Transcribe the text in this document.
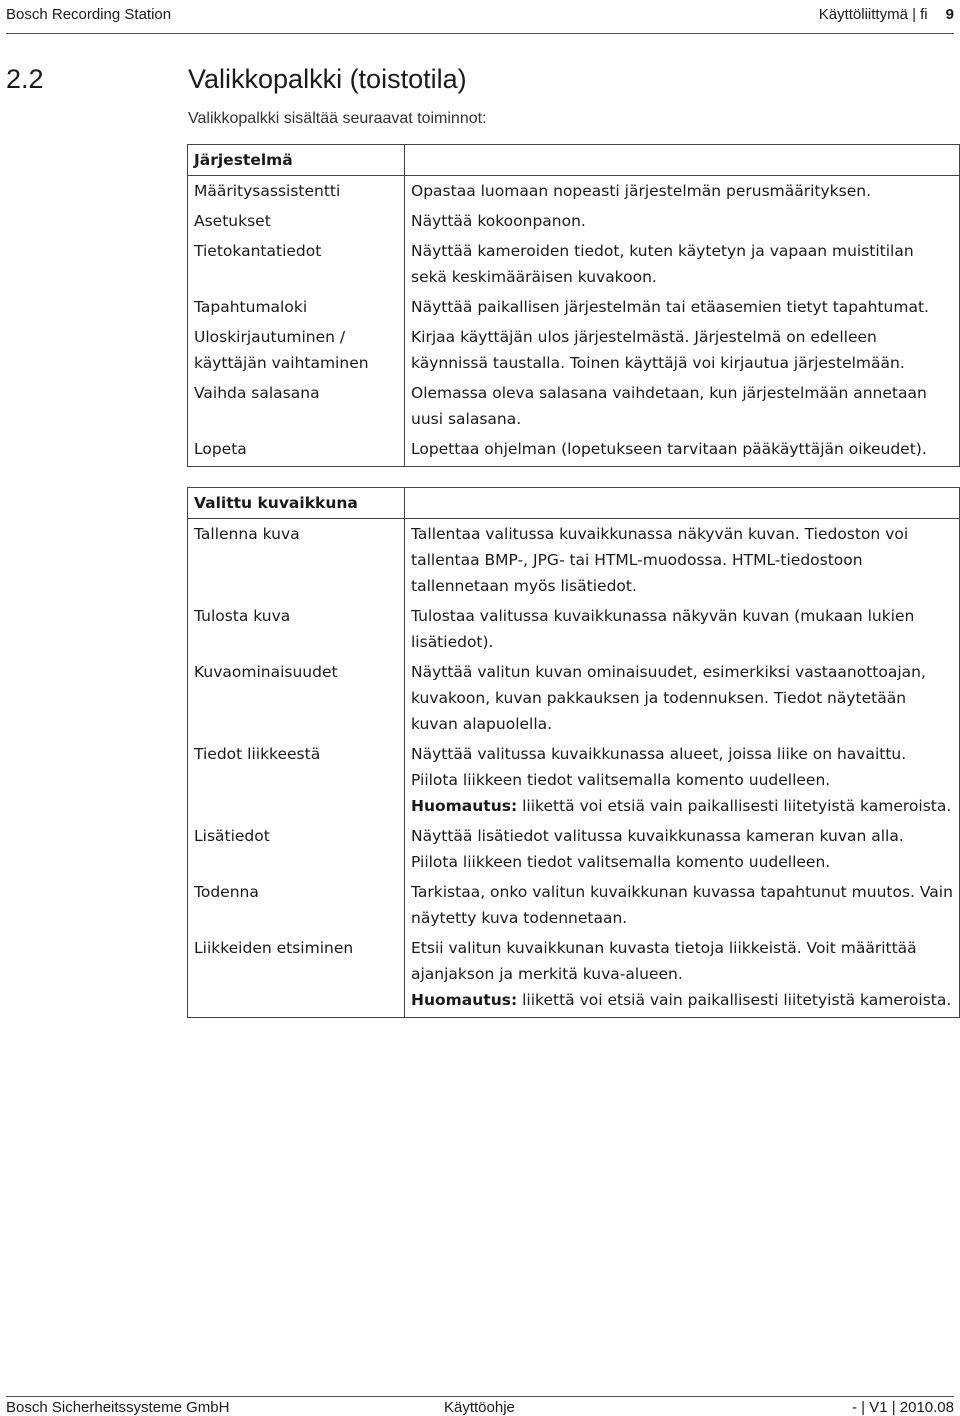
Bosch Recording Station	Käyttöliittymä | fi 9
2.2	Valikkopalkki (toistotila)
Valikkopalkki sisältää seuraavat toiminnot:
Järjestelmä	
Määritysassistentti	Opastaa luomaan nopeasti järjestelmän perusmäärityksen.
Asetukset	Näyttää kokoonpanon.
Tietokantatiedot	Näyttää kameroiden tiedot, kuten käytetyn ja vapaan muistitilan sekä keskimääräisen kuvakoon.
Tapahtumaloki	Näyttää paikallisen järjestelmän tai etäasemien tietyt tapahtumat.
Uloskirjautuminen / käyttäjän vaihtaminen	Kirjaa käyttäjän ulos järjestelmästä. Järjestelmä on edelleen käynnissä taustalla. Toinen käyttäjä voi kirjautua järjestelmään.
Vaihda salasana	Olemassa oleva salasana vaihdetaan, kun järjestelmään annetaan uusi salasana.
Lopeta	Lopettaa ohjelman (lopetukseen tarvitaan pääkäyttäjän oikeudet).
Valittu kuvaikkuna	
Tallenna kuva	Tallentaa valitussa kuvaikkunassa näkyvän kuvan. Tiedoston voi tallentaa BMP-, JPG- tai HTML-muodossa. HTML-tiedostoon tallennetaan myös lisätiedot.
Tulosta kuva	Tulostaa valitussa kuvaikkunassa näkyvän kuvan (mukaan lukien lisätiedot).
Kuvaominaisuudet	Näyttää valitun kuvan ominaisuudet, esimerkiksi vastaanottoajan, kuvakoon, kuvan pakkauksen ja todennuksen. Tiedot näytetään kuvan alapuolella.
Tiedot liikkeestä	Näyttää valitussa kuvaikkunassa alueet, joissa liike on havaittu. Piilota liikkeen tiedot valitsemalla komento uudelleen.
Huomautus: liikettä voi etsiä vain paikallisesti liitetyistä kameroista.
Lisätiedot	Näyttää lisätiedot valitussa kuvaikkunassa kameran kuvan alla. Piilota liikkeen tiedot valitsemalla komento uudelleen.
Todenna	Tarkistaa, onko valitun kuvaikkunan kuvassa tapahtunut muutos. Vain näytetty kuva todennetaan.
Liikkeiden etsiminen	Etsii valitun kuvaikkunan kuvasta tietoja liikkeistä. Voit määrittää ajanjakson ja merkitä kuva-alueen.
Huomautus: liikettä voi etsiä vain paikallisesti liitetyistä kameroista.
Bosch Sicherheitssysteme GmbH	Käyttöohje	- | V1 | 2010.08
